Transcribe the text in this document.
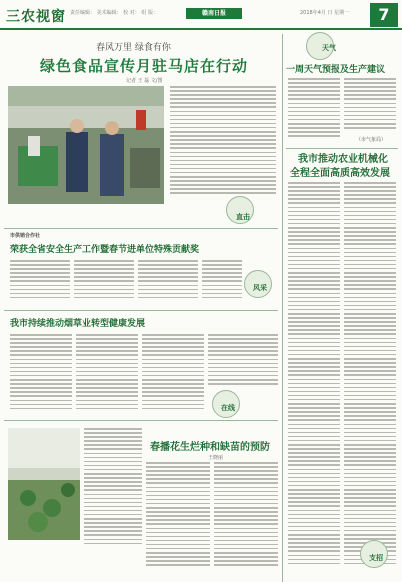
三农视窗 责任编辑： 美术编辑： 校 对： 组 版：	赣南日报	2018年4月 日 星期一	7
春风万里 绿食有你
绿色食品宣传月驻马店在行动
记者 王 磊 文/图
直击
市供销合作社
荣获全省安全生产工作暨春节进单位特殊贡献奖
风采
我市持续推动烟草业转型健康发展
在线
春播花生烂种和缺苗的预防
王晓丽
天气
一周天气预报及生产建议
（市气象局）
我市推动农业机械化
全程全面高质高效发展
支招
